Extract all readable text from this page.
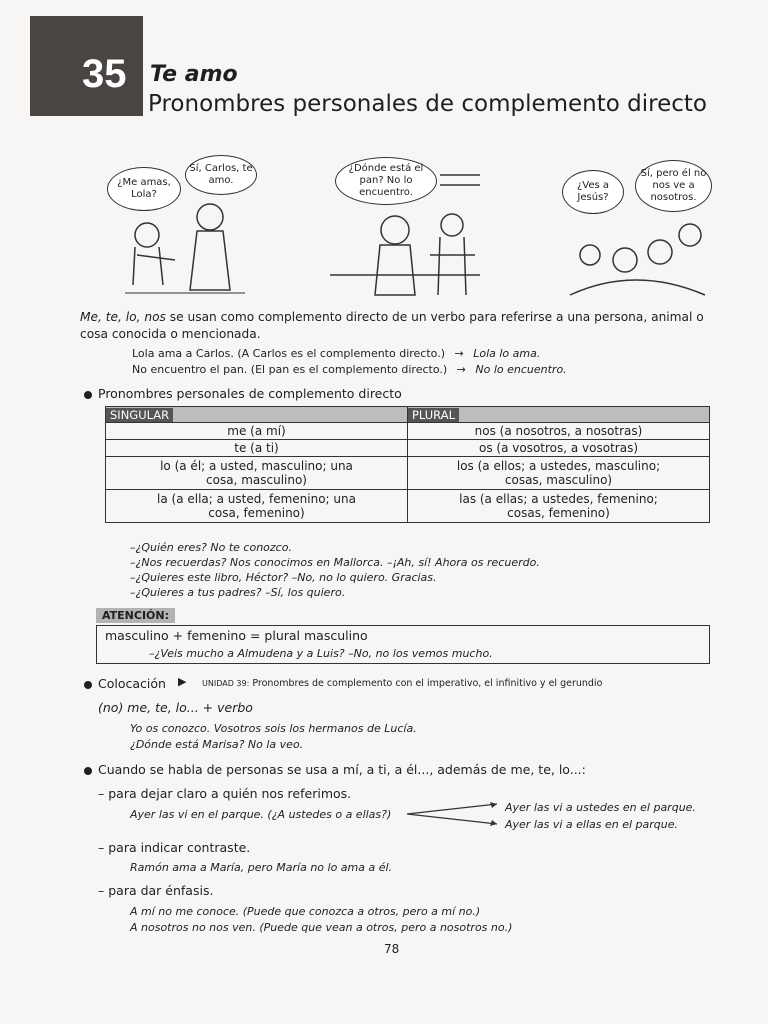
35 Te amo
Pronombres personales de complemento directo
¿Me amas, Lola?
Sí, Carlos, te amo.
¿Dónde está el pan? No lo encuentro.
¿Ves a Jesús?
Sí, pero él no nos ve a nosotros.
Me, te, lo, nos se usan como complemento directo de un verbo para referirse a una persona, animal o cosa conocida o mencionada.
Lola ama a Carlos. (A Carlos es el complemento directo.) → Lola lo ama.
No encuentro el pan. (El pan es el complemento directo.) → No lo encuentro.
Pronombres personales de complemento directo
SINGULAR	PLURAL
me (a mí)	nos (a nosotros, a nosotras)
te (a ti)	os (a vosotros, a vosotras)
lo (a él; a usted, masculino; una cosa, masculino)	los (a ellos; a ustedes, masculino; cosas, masculino)
la (a ella; a usted, femenino; una cosa, femenino)	las (a ellas; a ustedes, femenino; cosas, femenino)
–¿Quién eres? No te conozco.
–¿Nos recuerdas? Nos conocimos en Mallorca. –¡Ah, sí! Ahora os recuerdo.
–¿Quieres este libro, Héctor? –No, no lo quiero. Gracias.
–¿Quieres a tus padres? –Sí, los quiero.
ATENCIÓN:
masculino + femenino = plural masculino
–¿Veis mucho a Almudena y a Luis? –No, no los vemos mucho.
Colocación ▶ UNIDAD 39: Pronombres de complemento con el imperativo, el infinitivo y el gerundio
(no) me, te, lo... + verbo
Yo os conozco. Vosotros sois los hermanos de Lucía.
¿Dónde está Marisa? No la veo.
Cuando se habla de personas se usa a mí, a ti, a él..., además de me, te, lo...:
– para dejar claro a quién nos referimos.
Ayer las vi en el parque. (¿A ustedes o a ellas?)
Ayer las vi a ustedes en el parque.
Ayer las vi a ellas en el parque.
– para indicar contraste.
Ramón ama a María, pero María no lo ama a él.
– para dar énfasis.
A mí no me conoce. (Puede que conozca a otros, pero a mí no.)
A nosotros no nos ven. (Puede que vean a otros, pero a nosotros no.)
78
